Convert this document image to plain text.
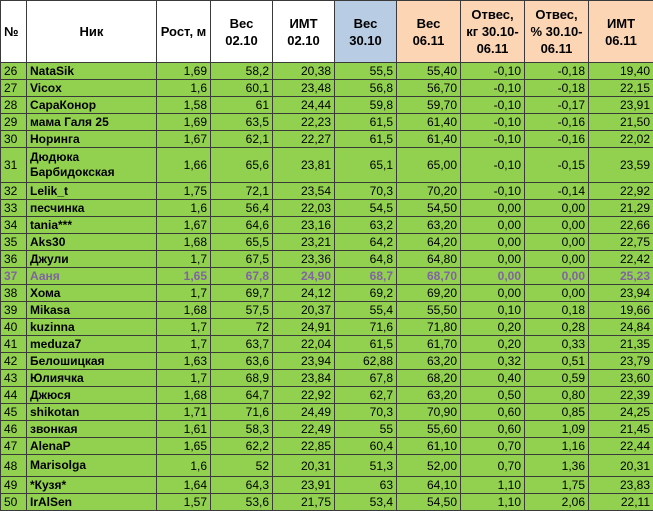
№	Ник	Рост, м	Вес 02.10	ИМТ 02.10	Вес 30.10	Вес 06.11	Отвес, кг 30.10-06.11	Отвес, % 30.10-06.11	ИМТ 06.11
26	NataSik	1,69	58,2	20,38	55,5	55,40	-0,10	-0,18	19,40
27	Vicox	1,6	60,1	23,48	56,8	56,70	-0,10	-0,18	22,15
28	СараКонор	1,58	61	24,44	59,8	59,70	-0,10	-0,17	23,91
29	мама Галя 25	1,69	63,5	22,23	61,5	61,40	-0,10	-0,16	21,50
30	Норинга	1,67	62,1	22,27	61,5	61,40	-0,10	-0,16	22,02
31	Дюдюка Барбидокская	1,66	65,6	23,81	65,1	65,00	-0,10	-0,15	23,59
32	Lelik_t	1,75	72,1	23,54	70,3	70,20	-0,10	-0,14	22,92
33	песчинка	1,6	56,4	22,03	54,5	54,50	0,00	0,00	21,29
34	tania***	1,67	64,6	23,16	63,2	63,20	0,00	0,00	22,66
35	Aks30	1,68	65,5	23,21	64,2	64,20	0,00	0,00	22,75
36	Джули	1,7	67,5	23,36	64,8	64,80	0,00	0,00	22,42
37	Ааня	1,65	67,8	24,90	68,7	68,70	0,00	0,00	25,23
38	Хома	1,7	69,7	24,12	69,2	69,20	0,00	0,00	23,94
39	Mikasa	1,68	57,5	20,37	55,4	55,50	0,10	0,18	19,66
40	kuzinna	1,7	72	24,91	71,6	71,80	0,20	0,28	24,84
41	meduza7	1,7	63,7	22,04	61,5	61,70	0,20	0,33	21,35
42	Белошицкая	1,63	63,6	23,94	62,88	63,20	0,32	0,51	23,79
43	Юлиячка	1,7	68,9	23,84	67,8	68,20	0,40	0,59	23,60
44	Джюся	1,68	64,7	22,92	62,7	63,20	0,50	0,80	22,39
45	shikotan	1,71	71,6	24,49	70,3	70,90	0,60	0,85	24,25
46	звонкая	1,61	58,3	22,49	55	55,60	0,60	1,09	21,45
47	AlenaP	1,65	62,2	22,85	60,4	61,10	0,70	1,16	22,44
48	Marisolga	1,6	52	20,31	51,3	52,00	0,70	1,36	20,31
49	*Кузя*	1,64	64,3	23,91	63	64,10	1,10	1,75	23,83
50	IrAlSen	1,57	53,6	21,75	53,4	54,50	1,10	2,06	22,11
